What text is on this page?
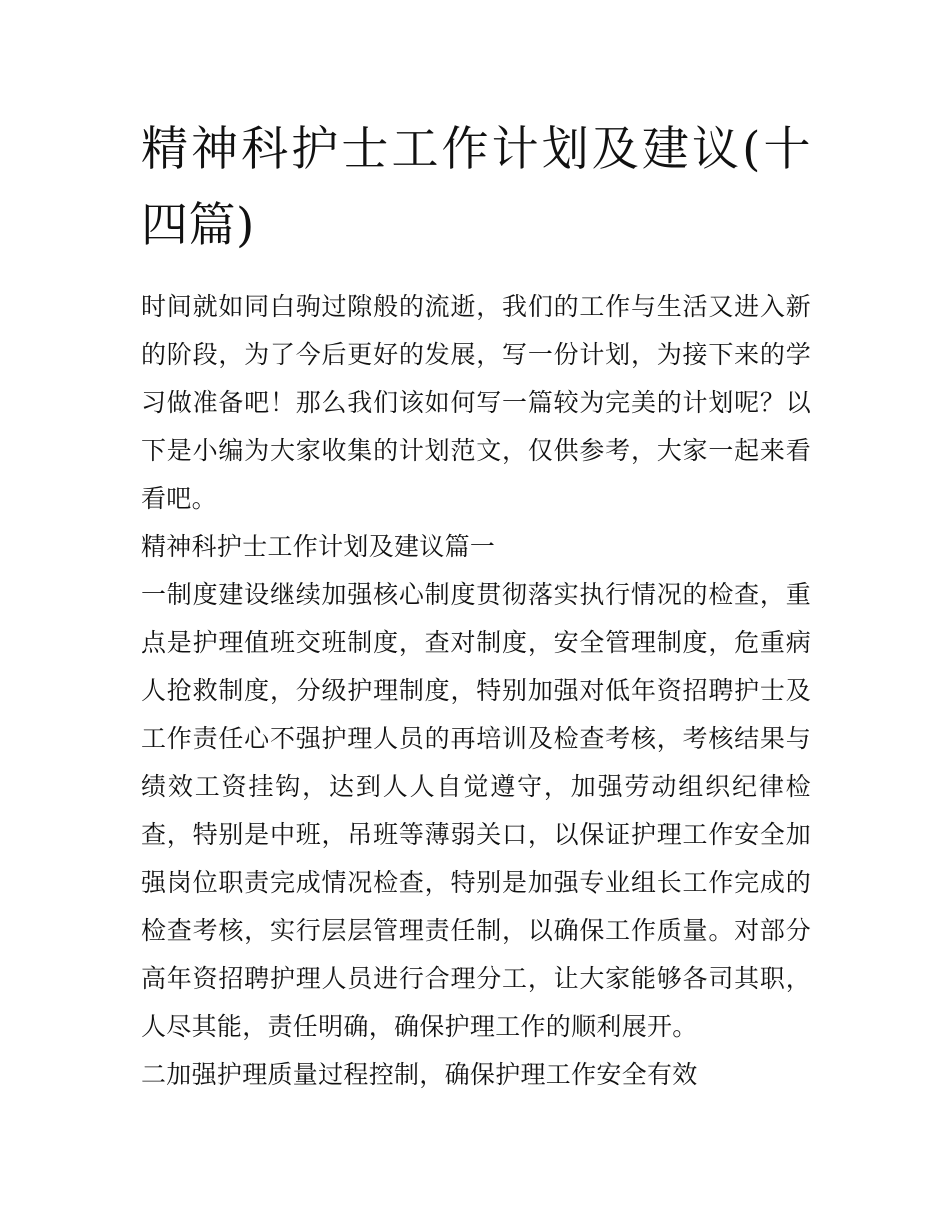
精神科护士工作计划及建议(十四篇)

时间就如同白驹过隙般的流逝，我们的工作与生活又进入新的阶段，为了今后更好的发展，写一份计划，为接下来的学习做准备吧！那么我们该如何写一篇较为完美的计划呢？以下是小编为大家收集的计划范文，仅供参考，大家一起来看看吧。

精神科护士工作计划及建议篇一

一制度建设继续加强核心制度贯彻落实执行情况的检查，重点是护理值班交班制度，查对制度，安全管理制度，危重病人抢救制度，分级护理制度，特别加强对低年资招聘护士及工作责任心不强护理人员的再培训及检查考核，考核结果与绩效工资挂钩，达到人人自觉遵守，加强劳动组织纪律检查，特别是中班，吊班等薄弱关口，以保证护理工作安全加强岗位职责完成情况检查，特别是加强专业组长工作完成的检查考核，实行层层管理责任制，以确保工作质量。对部分高年资招聘护理人员进行合理分工，让大家能够各司其职，人尽其能，责任明确，确保护理工作的顺利展开。

二加强护理质量过程控制，确保护理工作安全有效
